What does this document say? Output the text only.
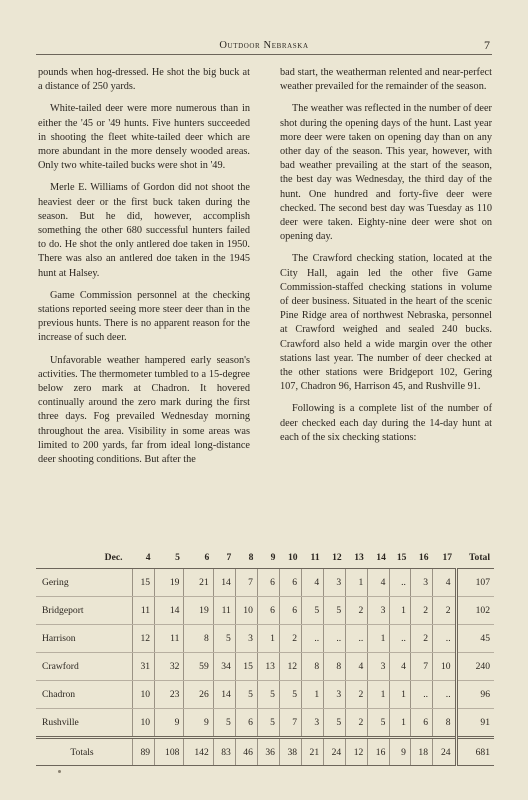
Outdoor Nebraska	7

pounds when hog-dressed. He shot the big buck at a distance of 250 yards.

White-tailed deer were more numerous than in either the '45 or '49 hunts. Five hunters succeeded in shooting the fleet white-tailed deer which are more abundant in the more densely wooded areas. Only two white-tailed bucks were shot in '49.

Merle E. Williams of Gordon did not shoot the heaviest deer or the first buck taken during the season. But he did, however, accomplish something the other 680 successful hunters failed to do. He shot the only antlered doe taken in 1950. There was also an antlered doe taken in the 1945 hunt at Halsey.

Game Commission personnel at the checking stations reported seeing more steer deer than in the previous hunts. There is no apparent reason for the increase of such deer.

Unfavorable weather hampered early season's activities. The thermometer tumbled to a 15-degree below zero mark at Chadron. It hovered continually around the zero mark during the first three days. Fog prevailed Wednesday morning throughout the area. Visibility in some areas was limited to 200 yards, far from ideal long-distance deer shooting conditions. But after the

bad start, the weatherman relented and near-perfect weather prevailed for the remainder of the season.

The weather was reflected in the number of deer shot during the opening days of the hunt. Last year more deer were taken on opening day than on any other day of the season. This year, however, with bad weather prevailing at the start of the season, the best day was Wednesday, the third day of the hunt. One hundred and forty-five deer were checked. The second best day was Tuesday as 110 deer were taken. Eighty-nine deer were shot on opening day.

The Crawford checking station, located at the City Hall, again led the other five Game Commission-staffed checking stations in volume of deer business. Situated in the heart of the scenic Pine Ridge area of northwest Nebraska, personnel at Crawford weighed and sealed 240 bucks. Crawford also held a wide margin over the other stations last year. The number of deer checked at the other stations were Bridgeport 102, Gering 107, Chadron 96, Harrison 45, and Rushville 91.

Following is a complete list of the number of deer checked each day during the 14-day hunt at each of the six checking stations:

Dec.	4	5	6	7	8	9	10	11	12	13	14	15	16	17	Total
Gering	15	19	21	14	7	6	6	4	3	1	4	..	3	4	107
Bridgeport	11	14	19	11	10	6	6	5	5	2	3	1	2	2	102
Harrison	12	11	8	5	3	1	2	..	..	..	1	..	2	..	45
Crawford	31	32	59	34	15	13	12	8	8	4	3	4	7	10	240
Chadron	10	23	26	14	5	5	5	1	3	2	1	1	..	..	96
Rushville	10	9	9	5	6	5	7	3	5	2	5	1	6	8	91
Totals	89	108	142	83	46	36	38	21	24	12	16	9	18	24	681
